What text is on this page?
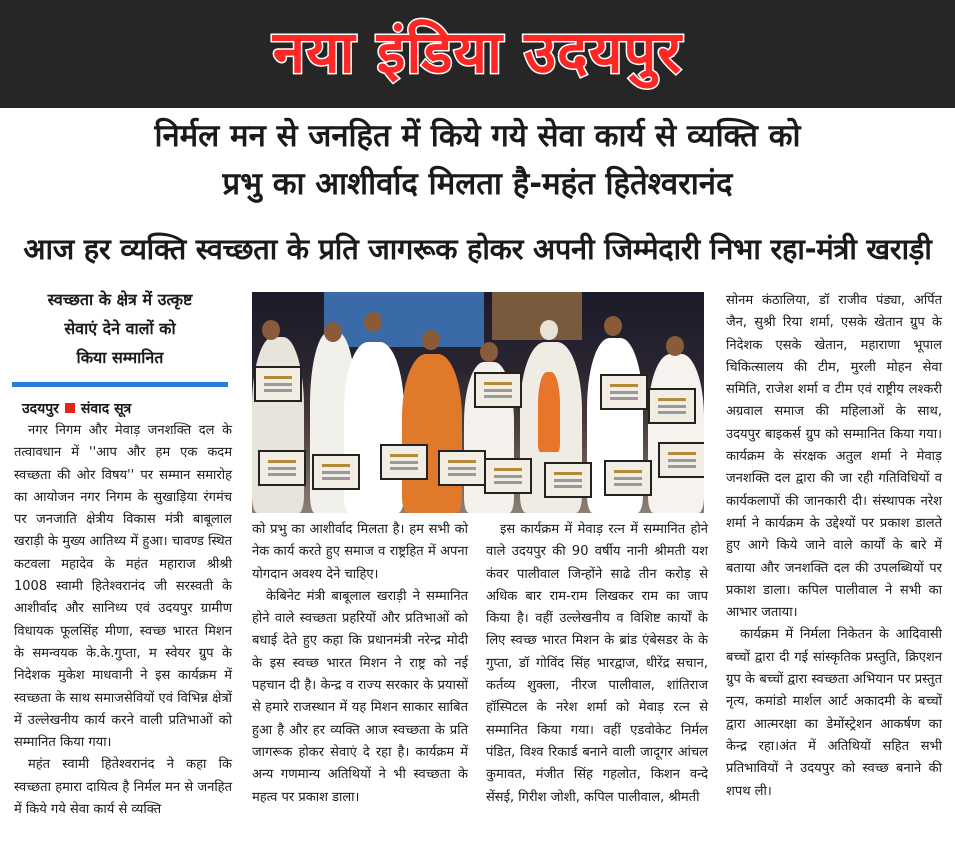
नया इंडिया उदयपुर
निर्मल मन से जनहित में किये गये सेवा कार्य से व्यक्ति को
प्रभु का आशीर्वाद मिलता है-महंत हितेश्वरानंद
आज हर व्यक्ति स्वच्छता के प्रति जागरूक होकर अपनी जिम्मेदारी निभा रहा-मंत्री खराड़ी
स्वच्छता के क्षेत्र में उत्कृष्ट
सेवाएं देने वालों को
किया सम्मानित
उदयपुर संवाद सूत्र

नगर निगम और मेवाड़ जनशक्ति दल के तत्वावधान में ''आप और हम एक कदम स्वच्छता की ओर विषय'' पर सम्मान समारोह का आयोजन नगर निगम के सुखाड़िया रंगमंच पर जनजाति क्षेत्रीय विकास मंत्री बाबूलाल खराड़ी के मुख्य आतिथ्य में हुआ। चावण्ड स्थित कटवला महादेव के महंत महाराज श्रीश्री 1008 स्वामी हितेश्वरानंद जी सरस्वती के आशीर्वाद और सानिध्य एवं उदयपुर ग्रामीण विधायक फूलसिंह मीणा, स्वच्छ भारत मिशन के समन्वयक के.के.गुप्ता, म स्वेयर ग्रुप के निदेशक मुकेश माधवानी ने इस कार्यक्रम में स्वच्छता के साथ समाजसेवियों एवं विभिन्न क्षेत्रों में उल्लेखनीय कार्य करने वाली प्रतिभाओं को सम्मानित किया गया।

महंत स्वामी हितेश्वरानंद ने कहा कि स्वच्छता हमारा दायित्व है निर्मल मन से जनहित में किये गये सेवा कार्य से व्यक्ति

को प्रभु का आशीर्वाद मिलता है। हम सभी को नेक कार्य करते हुए समाज व राष्ट्रहित में अपना योगदान अवश्य देने चाहिए।

केबिनेट मंत्री बाबूलाल खराड़ी ने सम्मानित होने वाले स्वच्छता प्रहरियों और प्रतिभाओं को बधाई देते हुए कहा कि प्रधानमंत्री नरेन्द्र मोदी के इस स्वच्छ भारत मिशन ने राष्ट्र को नई पहचान दी है। केन्द्र व राज्य सरकार के प्रयासों से हमारे राजस्थान में यह मिशन साकार साबित हुआ है और हर व्यक्ति आज स्वच्छता के प्रति जागरूक होकर सेवाएं दे रहा है। कार्यक्रम में अन्य गणमान्य अतिथियों ने भी स्वच्छता के महत्व पर प्रकाश डाला।

इस कार्यक्रम में मेवाड़ रत्न में सम्मानित होने वाले उदयपुर की 90 वर्षीय नानी श्रीमती यश कंवर पालीवाल जिन्होंने साढे तीन करोड़ से अधिक बार राम-राम लिखकर राम का जाप किया है। वहीं उल्लेखनीय व विशिष्ट कार्यों के लिए स्वच्छ भारत मिशन के ब्रांड एंबेसडर के के गुप्ता, डॉ गोविंद सिंह भारद्वाज, धीरेंद्र सचान, कर्तव्य शुक्ला, नीरज पालीवाल, शांतिराज हॉस्पिटल के नरेश शर्मा को मेवाड़ रत्न से सम्मानित किया गया। वहीं एडवोकेट निर्मल पंडित, विश्व रिकार्ड बनाने वाली जादूगर आंचल कुमावत, मंजीत सिंह गहलोत, किशन वन्दे सेंसई, गिरीश जोशी, कपिल पालीवाल, श्रीमती

सोनम कंठालिया, डॉ राजीव पंड्या, अर्पित जैन, सुश्री रिया शर्मा, एसके खेतान ग्रुप के निदेशक एसके खेतान, महाराणा भूपाल चिकित्सालय की टीम, मुरली मोहन सेवा समिति, राजेश शर्मा व टीम एवं राष्ट्रीय लश्करी अग्रवाल समाज की महिलाओं के साथ, उदयपुर बाइकर्स ग्रुप को सम्मानित किया गया। कार्यक्रम के संरक्षक अतुल शर्मा ने मेवाड़ जनशक्ति दल द्वारा की जा रही गतिविधियों व कार्यकलापों की जानकारी दी। संस्थापक नरेश शर्मा ने कार्यक्रम के उद्देश्यों पर प्रकाश डालते हुए आगे किये जाने वाले कार्यों के बारे में बताया और जनशक्ति दल की उपलब्धियों पर प्रकाश डाला। कपिल पालीवाल ने सभी का आभार जताया।

कार्यक्रम में निर्मला निकेतन के आदिवासी बच्चों द्वारा दी गई सांस्कृतिक प्रस्तुति, क्रिएशन ग्रुप के बच्चों द्वारा स्वच्छता अभियान पर प्रस्तुत नृत्य, कमांडो मार्शल आर्ट अकादमी के बच्चों द्वारा आत्मरक्षा का डेमोंस्ट्रेशन आकर्षण का केन्द्र रहा।अंत में अतिथियों सहित सभी प्रतिभावियों ने उदयपुर को स्वच्छ बनाने की शपथ ली।
